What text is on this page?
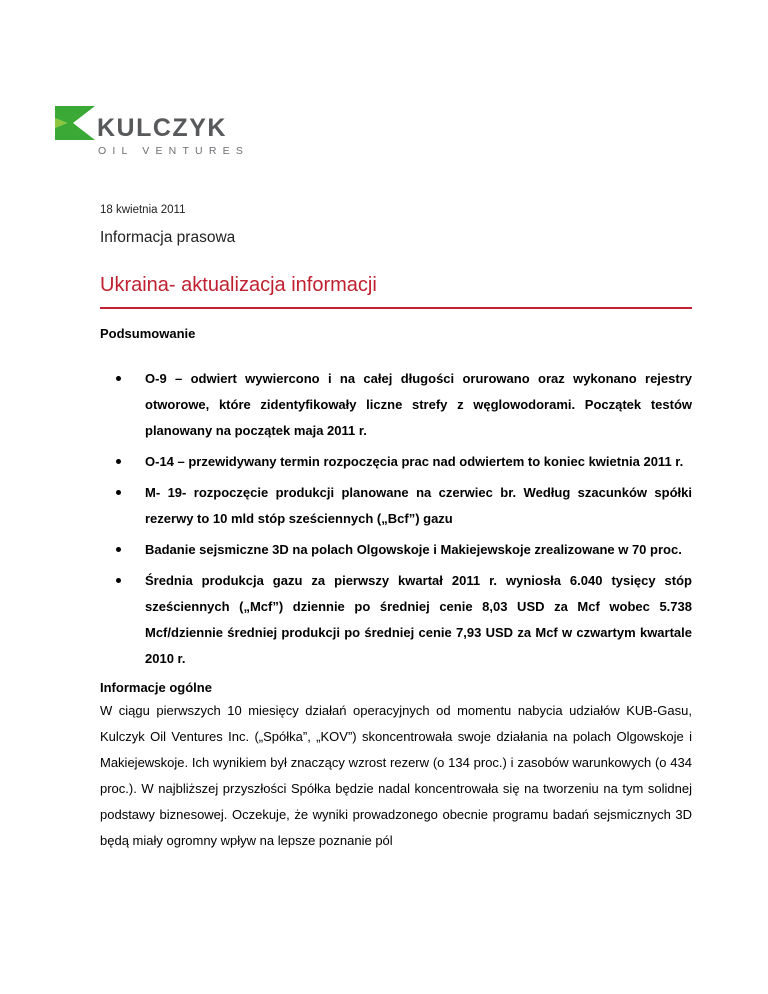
KULCZYK
OIL VENTURES
18 kwietnia 2011
Informacja prasowa
Ukraina- aktualizacja informacji
Podsumowanie
O-9 – odwiert wywiercono i na całej długości orurowano oraz wykonano rejestry otworowe, które zidentyfikowały liczne strefy z węglowodorami. Początek testów planowany na początek maja 2011 r.
O-14 – przewidywany termin rozpoczęcia prac nad odwiertem to koniec kwietnia 2011 r.
M- 19- rozpoczęcie produkcji planowane na czerwiec br. Według szacunków spółki rezerwy to 10 mld stóp sześciennych („Bcf”) gazu
Badanie sejsmiczne 3D na polach Olgowskoje i Makiejewskoje zrealizowane w 70 proc.
Średnia produkcja gazu za pierwszy kwartał 2011 r. wyniosła 6.040 tysięcy stóp sześciennych („Mcf”) dziennie po średniej cenie 8,03 USD za Mcf wobec 5.738 Mcf/dziennie średniej produkcji po średniej cenie 7,93 USD za Mcf w czwartym kwartale 2010 r.
Informacje ogólne

W ciągu pierwszych 10 miesięcy działań operacyjnych od momentu nabycia udziałów KUB-Gasu, Kulczyk Oil Ventures Inc. („Spółka”, „KOV”) skoncentrowała swoje działania na polach Olgowskoje i Makiejewskoje. Ich wynikiem był znaczący wzrost rezerw (o 134 proc.) i zasobów warunkowych (o 434 proc.). W najbliższej przyszłości Spółka będzie nadal koncentrowała się na tworzeniu na tym solidnej podstawy biznesowej. Oczekuje, że wyniki prowadzonego obecnie programu badań sejsmicznych 3D będą miały ogromny wpływ na lepsze poznanie pól
